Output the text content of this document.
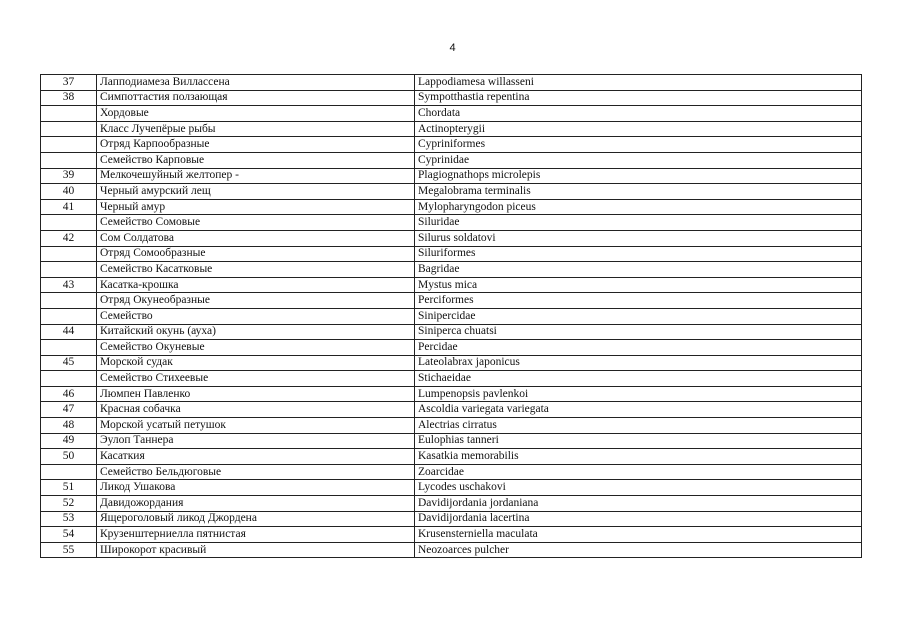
4
37	Лапподиамеза Виллассена	Lappodiamesa willasseni
38	Симпоттастия ползающая	Sympotthastia repentina
	Хордовые	Chordata
	Класс Лучепёрые рыбы	Actinopterygii
	Отряд Карпообразные	Cypriniformes
	Семейство Карповые	Cyprinidae
39	Мелкочешуйный желтопер -	Plagiognathops microlepis
40	Черный амурский лещ	Megalobrama terminalis
41	Черный амур	Mylopharyngodon piceus
	Семейство Сомовые	Siluridae
42	Сом Солдатова	Silurus soldatovi
	Отряд Сомообразные	Siluriformes
	Семейство Касатковые	Bagridae
43	Касатка-крошка	Mystus mica
	Отряд Окунеобразные	Perciformes
	Семейство	Sinipercidae
44	Китайский окунь (ауха)	Siniperca chuatsi
	Семейство Окуневые	Percidae
45	Морской судак	Lateolabrax japonicus
	Семейство Стихеевые	Stichaeidae
46	Люмпен Павленко	Lumpenopsis pavlenkoi
47	Красная собачка	Ascoldia variegata variegata
48	Морской усатый петушок	Alectrias cirratus
49	Эулоп Таннера	Eulophias tanneri
50	Касаткия	Kasatkia memorabilis
	Семейство Бельдюговые	Zoarcidae
51	Ликод Ушакова	Lycodes uschakovi
52	Давидожордания	Davidijordania jordaniana
53	Ящероголовый ликод Джордена	Davidijordania lacertina
54	Крузенштерниелла пятнистая	Krusensterniella maculata
55	Широкорот красивый	Neozoarces pulcher
